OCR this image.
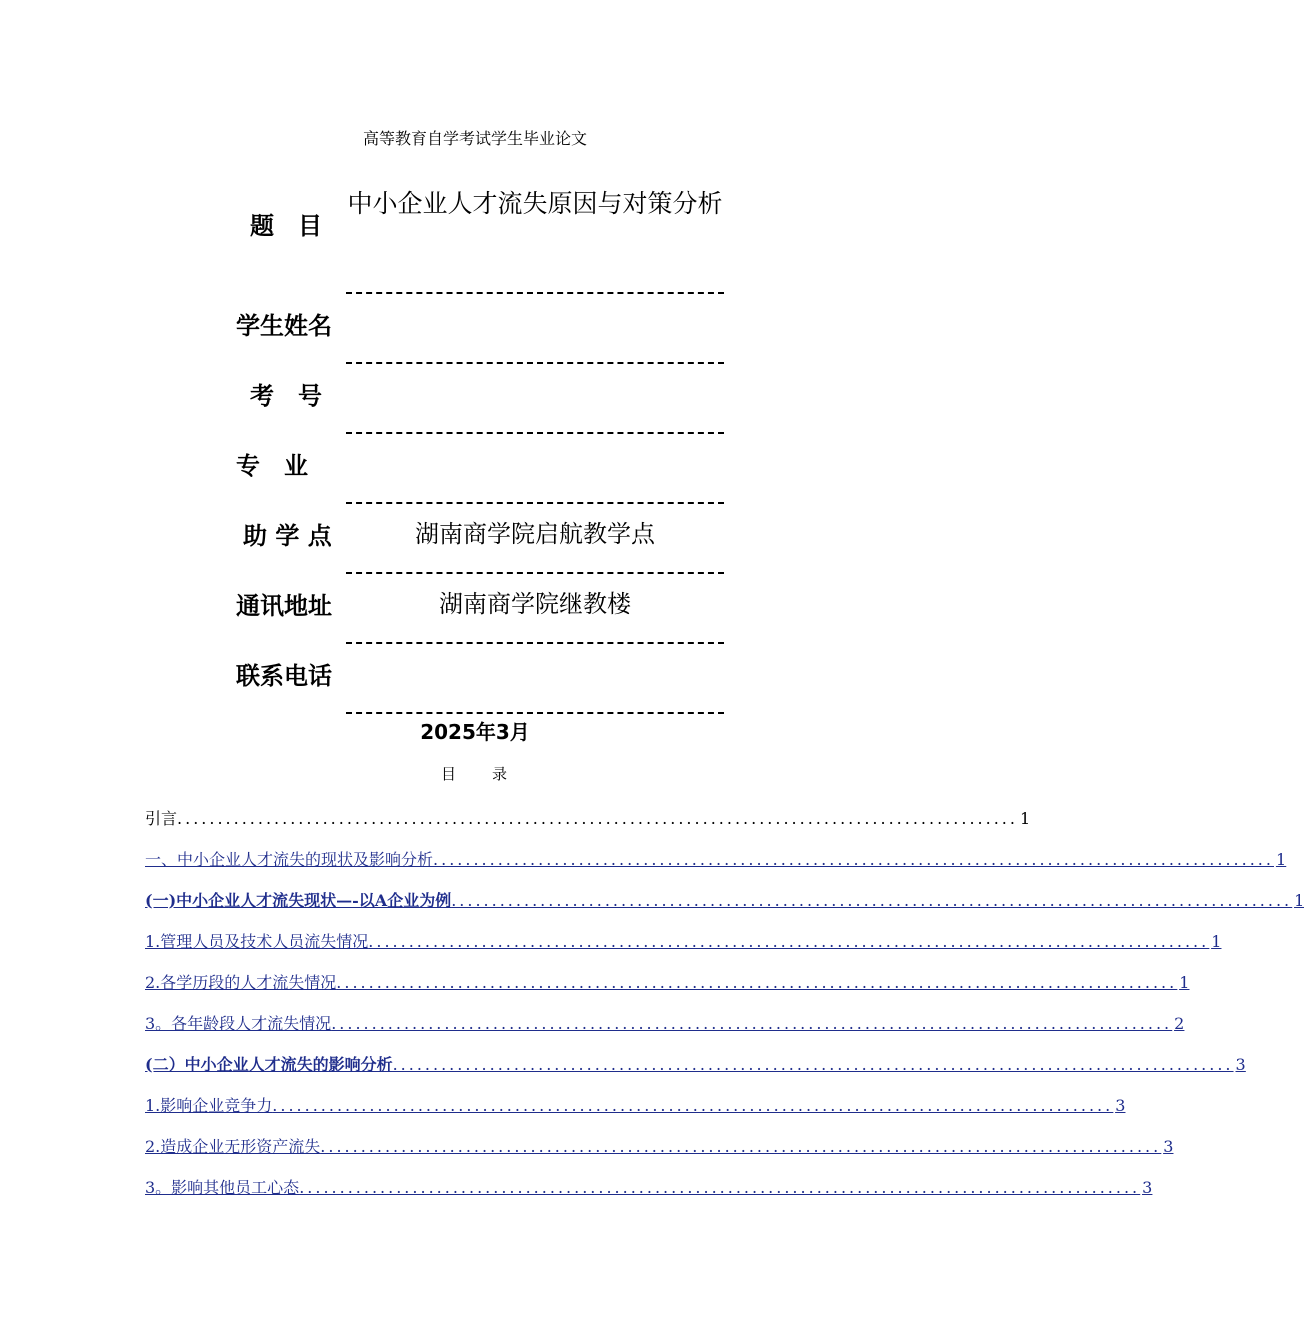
高等教育自学考试学生毕业论文
题　目
中小企业人才流失原因与对策分析
学生姓名
考　号
专　业
助 学 点	湖南商学院启航教学点
通讯地址	湖南商学院继教楼
联系电话
2025年3月
目　　录
引言 ........................................................................................................ 1
一、中小企业人才流失的现状及影响分析 ........................................................................................................ 1
(一)中小企业人才流失现状—-以A企业为例 ........................................................................................................ 1
1.管理人员及技术人员流失情况 ........................................................................................................ 1
2.各学历段的人才流失情况 ........................................................................................................ 1
3。各年龄段人才流失情况 ........................................................................................................ 2
(二）中小企业人才流失的影响分析 ........................................................................................................ 3
1.影响企业竞争力 ........................................................................................................ 3
2.造成企业无形资产流失 ........................................................................................................ 3
3。影响其他员工心态 ........................................................................................................ 3
